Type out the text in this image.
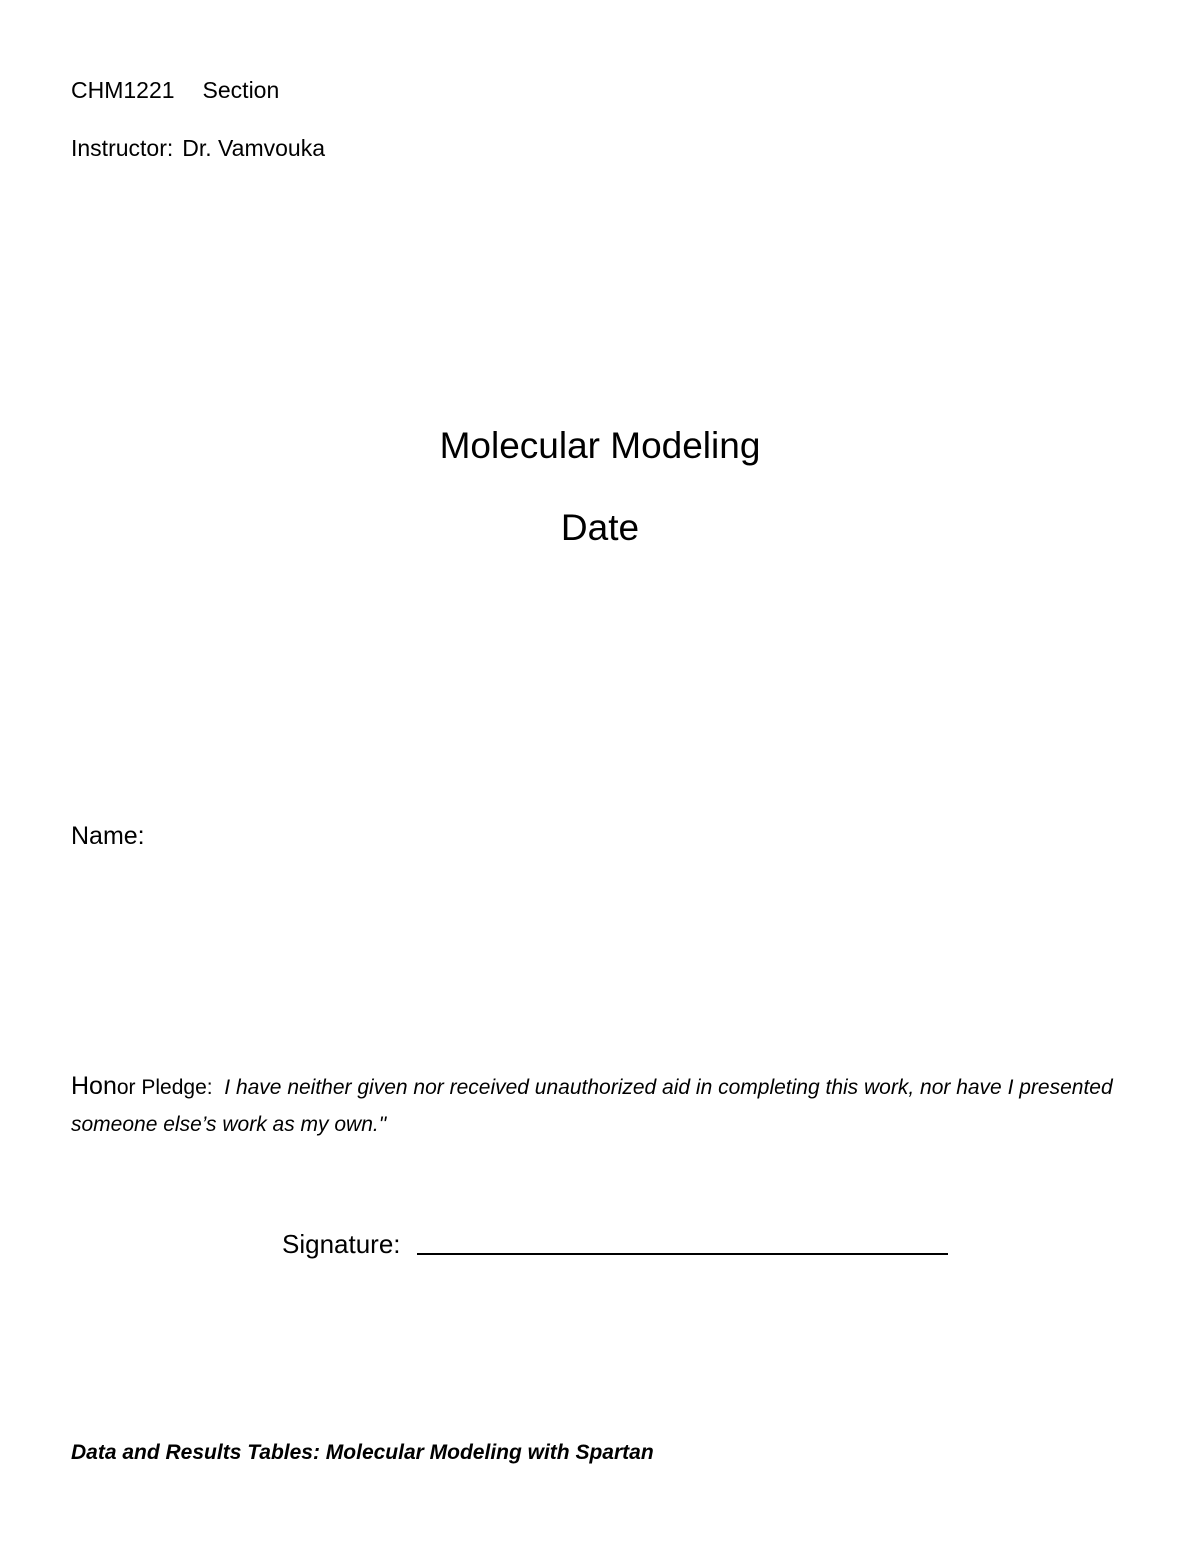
CHM1221 Section
Instructor: Dr. Vamvouka
Molecular Modeling
Date
Name:
Honor Pledge: I have neither given nor received unauthorized aid in completing this work, nor have I presented someone else’s work as my own."
Signature:
Data and Results Tables: Molecular Modeling with Spartan
